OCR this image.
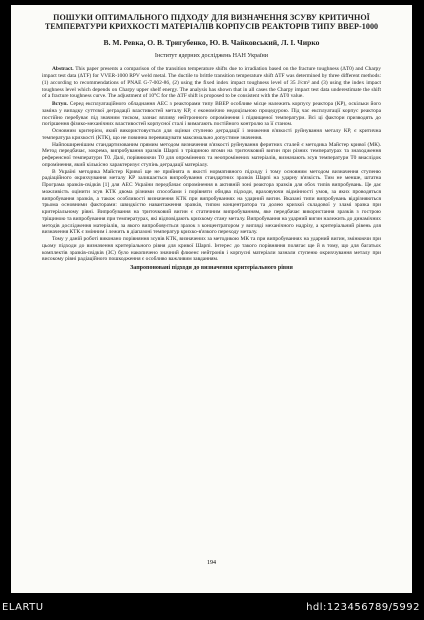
ПОШУКИ ОПТИМАЛЬНОГО ПІДХОДУ ДЛЯ ВИЗНАЧЕННЯ ЗСУВУ КРИТИЧНОЇ ТЕМПЕРАТУРИ КРИХКОСТІ МАТЕРІАЛІВ КОРПУСІВ РЕАКТОРІВ ТИПУ ВВЕР-1000
В. М. Ревка, О. В. Тригубенко, Ю. В. Чайковський, Л. І. Чирко
Інститут ядерних досліджень НАН України

Abstract. This paper presents a comparison of the transition temperature shifts due to irradiation based on the fracture toughness (ΔT0) and Charpy impact test data (ΔTF) for VVER-1000 RPV weld metal. The ductile to brittle transition temperature shift ΔTF was determined by three different methods: (1) according to recommendations of PNAE G-7-002-86, (2) using the fixed index impact toughness level of 35 J/cm² and (3) using the index impact toughness level which depends on Charpy upper shelf energy. The analysis has shown that in all cases the Charpy impact test data underestimate the shift of a fracture toughness curve. The adjustment of 10°C for the ΔTF shift is proposed to be consistent with the ΔT0 value.

Вступ. Серед експлуатаційного обладнання АЕС з реакторами типу ВВЕР особливе місце належить корпусу реактора (КР), оскільки його заміна у випадку суттєвої деградації властивостей металу КР, є економічно недоцільною процедурою. Під час експлуатації корпус реактора постійно перебуває під значним тиском, зазнає впливу нейтронного опромінення і підвищеної температури. Всі ці фактори призводять до погіршення фізико-механічних властивостей корпусної сталі і вимагають постійного контролю за її станом.

Основним критерієм, який використовується для оцінки ступеню деградації і зниження в'язкості руйнування металу КР, є критична температура крихкості (КТК), що не повинна перевищувати максимально допустиме значення.

Найпоширенішим стандартизованим прямим методом визначення в'язкості руйнування феритних сталей є методика Майстер кривої (МК). Метод передбачає, зокрема, випробування зразків Шарпі з тріщиною втоми на триточковий вигин при різних температурах та знаходження референсної температури T0. Далі, порівнюючи T0 для опромінених та неопромінених матеріалів, визначають зсув температури T0 внаслідок опромінення, який кількісно характеризує ступінь деградації матеріалу.

В Україні методика Майстер Кривої ще не прийнята в якості нормативного підходу і тому основним методом визначення ступеню радіаційного окрихчування металу КР залишається випробування стандартних зразків Шарпі на ударну в'язкість. Тим не менше, штатна Програма зразків-свідків [1] для АЕС України передбачає опромінення в активній зоні реактора зразків для обох типів випробувань. Це дає можливість оцінити зсув КТК двома різними способами і порівняти обидва підходи, враховуючи відмінності умов, за яких проводяться випробування зразків, а також особливості визначення КТК при випробуваннях на ударний вигин. Вказані типи випробувань відрізняються трьома основними факторами: швидкістю навантаження зразків, типом концентратора та долею крихкої складової у зламі зразка при критеріальному рівні. Випробування на триточковий вигин є статичним випробуванням, яке передбачає використання зразків з гострою тріщиною та випробування при температурах, які відповідають крихкому стану металу. Випробування на ударний вигин належить до динамічних методів дослідження матеріалів, за якого випробовується зразок з концентратором у вигляді механічного надрізу, а критеріальний рівень для визначення КТК є змінним і лежить в діапазоні температур крихко-в'язкого переходу металу.

Тому у даній роботі виконано порівняння зсувів КТК, визначених за методикою МК та при випробуваннях на ударний вигин, змінюючи при цьому підходи до визначення критеріального рівня для кривої Шарпі. Інтерес до такого порівняння полягає ще й в тому, що для багатьох комплектів зразків-свідків (ЗС) було накопичено значний флюенс нейтронів і корпусні матеріали зазнали ступеню окрихчування металу при високому рівні радіаційного пошкодження є особливо важливим завданням.

Запропоновані підходи до визначення критеріального рівня

194
ELARTU	hdl:123456789/5992
